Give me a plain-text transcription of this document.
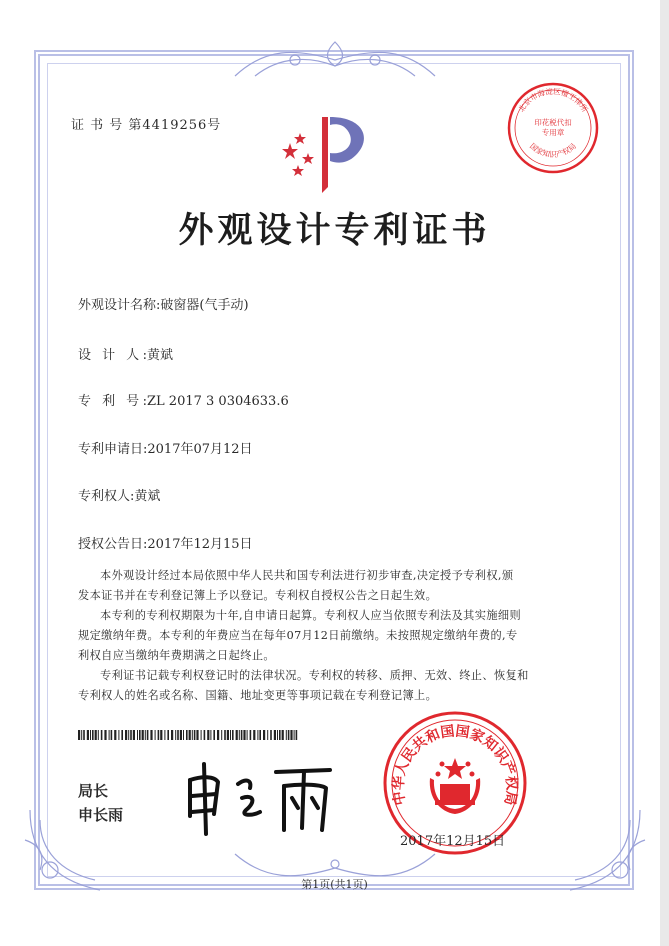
证 书 号 第4419256号
北京市海淀区檀王律所
印花税代扣专用章
国家知识产权局
外观设计专利证书
外观设计名称:破窗器(气手动)
设 计 人:黄斌
专 利 号:ZL 2017 3 0304633.6
专利申请日:2017年07月12日
专利权人:黄斌
授权公告日:2017年12月15日
本外观设计经过本局依照中华人民共和国专利法进行初步审查,决定授予专利权,颁
发本证书并在专利登记簿上予以登记。专利权自授权公告之日起生效。
本专利的专利权期限为十年,自申请日起算。专利权人应当依照专利法及其实施细则
规定缴纳年费。本专利的年费应当在每年07月12日前缴纳。未按照规定缴纳年费的,专
利权自应当缴纳年费期满之日起终止。
专利证书记载专利权登记时的法律状况。专利权的转移、质押、无效、终止、恢复和
专利权人的姓名或名称、国籍、地址变更等事项记载在专利登记簿上。
局长
申长雨
中华人民共和国国家知识产权局
2017年12月15日
第1页(共1页)
